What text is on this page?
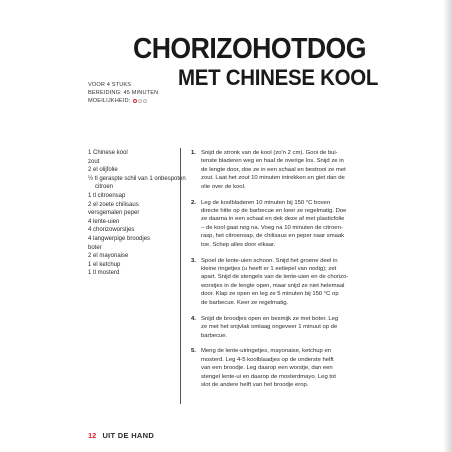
CHORIZOHOTDOG
MET CHINESE KOOL
VOOR 4 STUKS
BEREIDING: 45 MINUTEN
MOEILIJKHEID:
1 Chinese kool
zout
2 el olijfolie
½ tl geraspte schil van 1 onbespoten
citroen
1 tl citroensap
2 el zoete chilisaus
versgemalen peper
4 lente-uien
4 chorizoworstjes
4 langwerpige broodjes
boter
2 el mayonaise
1 el ketchup
1 tl mosterd
1. Snijd de stronk van de kool (zo'n 2 cm). Gooi de bui-
tenste bladeren weg en haal de overige los. Snijd ze in
de lengte door, doe ze in een schaal en bestrooi ze met
zout. Laat het zout 10 minuten intrekken en giet dan de
olie over de kool.
2. Leg de koolbladeren 10 minuten bij 150 °C boven
directe hitte op de barbecue en keer ze regelmatig. Doe
ze daarna in een schaal en dek deze af met plasticfolie
– de kool gaat nog na. Voeg na 10 minuten de citroen-
rasp, het citroensap, de chilisaus en peper naar smaak
toe. Schep alles door elkaar.
3. Spoel de lente-uien schoon. Snijd het groene deel in
kleine ringetjes (u heeft er 1 eetlepel van nodig); zet
apart. Snijd de stengels van de lente-uien en de chorizo-
worstjes in de lengte open, maar snijd ze niet helemaal
door. Klap ze open en leg ze 5 minuten bij 150 °C op
de barbecue. Keer ze regelmatig.
4. Snijd de broodjes open en besmijk ze met boter. Leg
ze met het snijvlak omlaag ongeveer 1 minuut op de
barbecue.
5. Meng de lente-uiringetjes, mayonaise, ketchup en
mosterd. Leg 4-5 koolblaadjes op de onderste helft
van een broodje. Leg daarop een worstje, dan een
stengel lente-ui en daarop de mosterdmayo. Leg tot
slot de andere helft van het broodje erop.
12 UIT DE HAND
